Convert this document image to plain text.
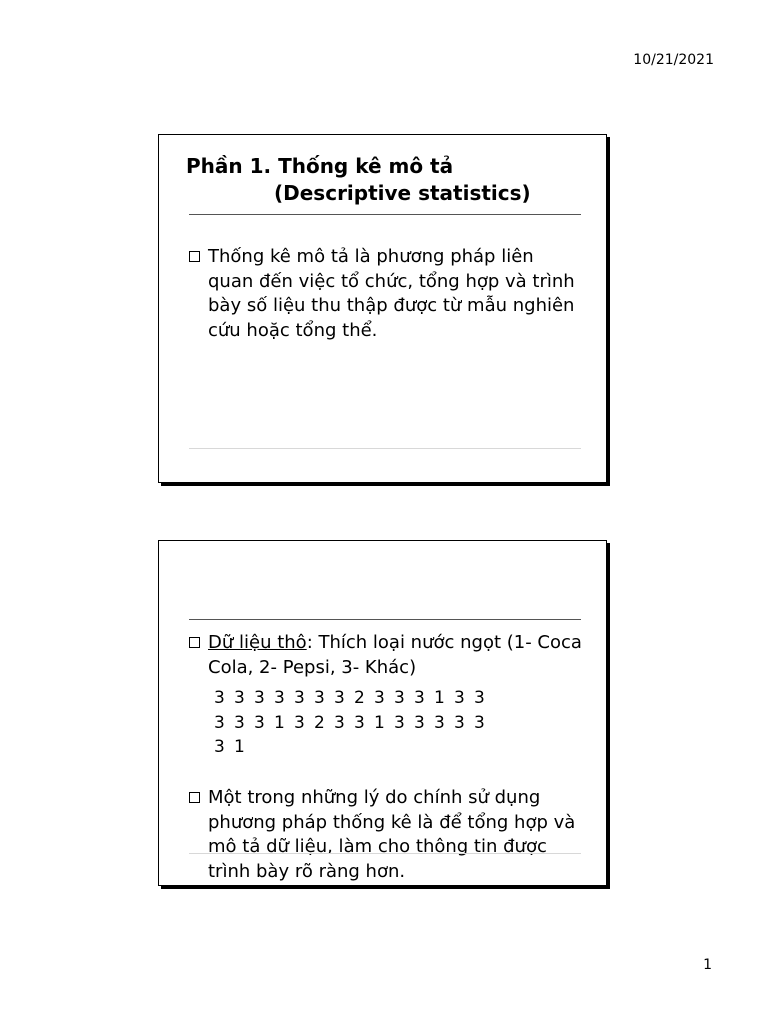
10/21/2021
Phần 1. Thống kê mô tả
(Descriptive statistics)
Thống kê mô tả là phương pháp liên quan đến việc tổ chức, tổng hợp và trình bày số liệu thu thập được từ mẫu nghiên cứu hoặc tổng thể.
Dữ liệu thô: Thích loại nước ngọt (1- Coca Cola, 2- Pepsi, 3- Khác)
3 3 3 3 3 3 3 2 3 3 3 1 3 3
3 3 3 1 3 2 3 3 1 3 3 3 3 3
3 1
Một trong những lý do chính sử dụng phương pháp thống kê là để tổng hợp và mô tả dữ liệu, làm cho thông tin được trình bày rõ ràng hơn.
1
